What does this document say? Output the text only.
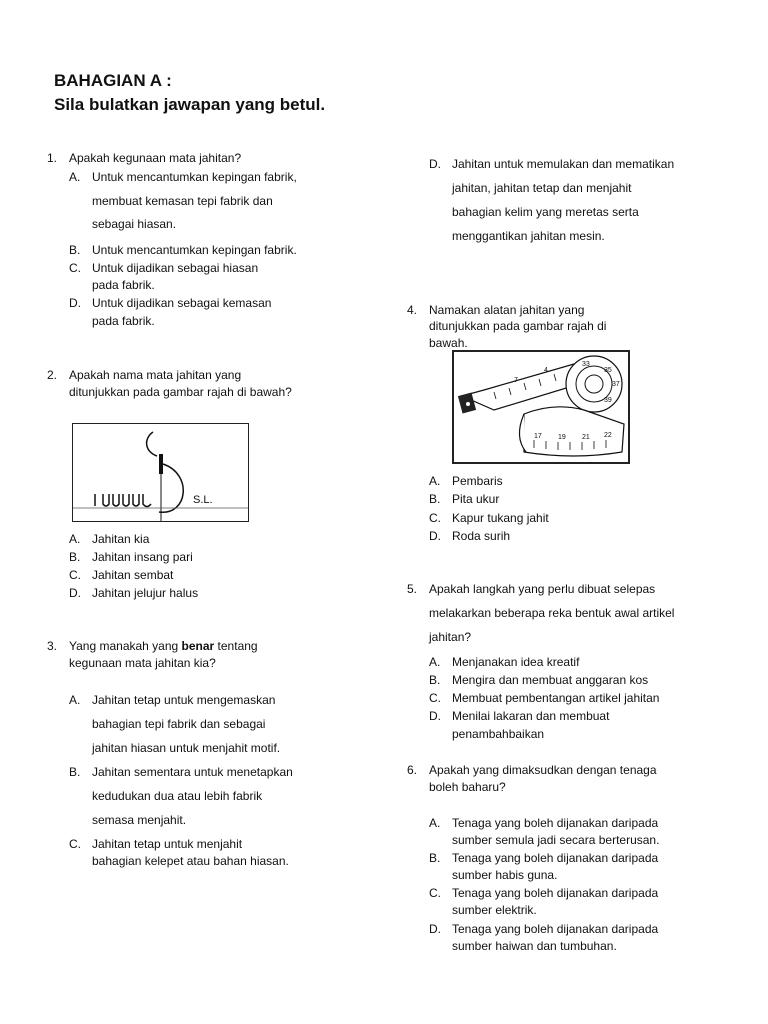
BAHAGIAN A :
Sila bulatkan jawapan yang betul.
1. Apakah kegunaan mata jahitan?
A. Untuk mencantumkan kepingan fabrik,
membuat kemasan tepi fabrik dan
sebagai hiasan.
B. Untuk mencantumkan kepingan fabrik.
C. Untuk dijadikan sebagai hiasan
pada fabrik.
D. Untuk dijadikan sebagai kemasan
pada fabrik.
2. Apakah nama mata jahitan yang
ditunjukkan pada gambar rajah di bawah?
S.L.
A. Jahitan kia
B. Jahitan insang pari
C. Jahitan sembat
D. Jahitan jelujur halus
3. Yang manakah yang benar tentang
kegunaan mata jahitan kia?
A. Jahitan tetap untuk mengemaskan
bahagian tepi fabrik dan sebagai
jahitan hiasan untuk menjahit motif.
B. Jahitan sementara untuk menetapkan
kedudukan dua atau lebih fabrik
semasa menjahit.
C. Jahitan tetap untuk menjahit
bahagian kelepet atau bahan hiasan.
D. Jahitan untuk memulakan dan mematikan
jahitan, jahitan tetap dan menjahit
bahagian kelim yang meretas serta
menggantikan jahitan mesin.
4. Namakan alatan jahitan yang
ditunjukkan pada gambar rajah di
bawah.
33
35
37
39
17 19 21 22
7
4
A. Pembaris
B. Pita ukur
C. Kapur tukang jahit
D. Roda surih
5. Apakah langkah yang perlu dibuat selepas
melakarkan beberapa reka bentuk awal artikel
jahitan?
A. Menjanakan idea kreatif
B. Mengira dan membuat anggaran kos
C. Membuat pembentangan artikel jahitan
D. Menilai lakaran dan membuat
penambahbaikan
6. Apakah yang dimaksudkan dengan tenaga
boleh baharu?
A. Tenaga yang boleh dijanakan daripada
sumber semula jadi secara berterusan.
B. Tenaga yang boleh dijanakan daripada
sumber habis guna.
C. Tenaga yang boleh dijanakan daripada
sumber elektrik.
D. Tenaga yang boleh dijanakan daripada
sumber haiwan dan tumbuhan.
